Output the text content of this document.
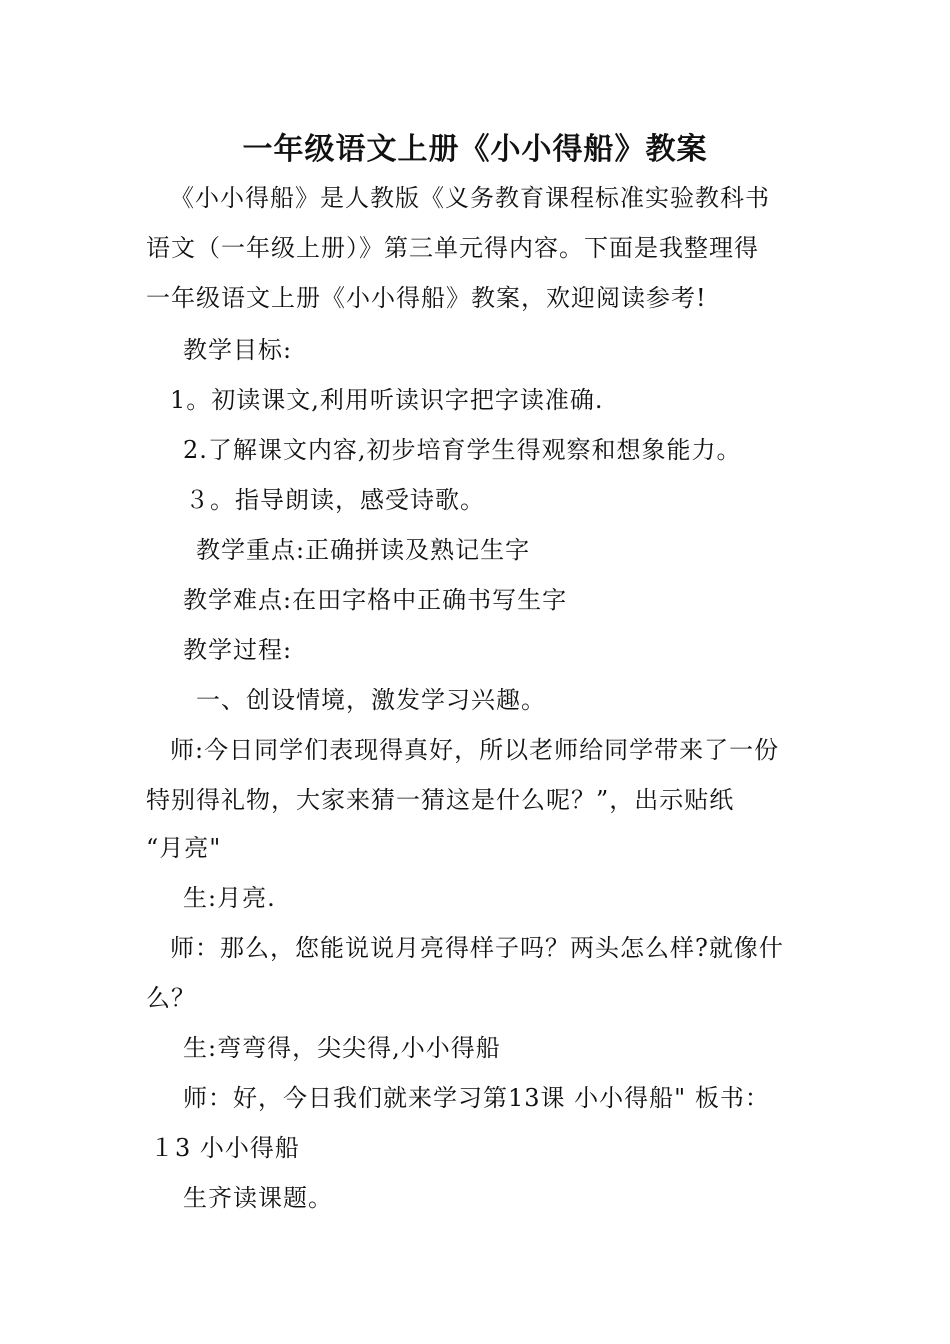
一年级语文上册《小小得船》教案
《小小得船》是人教版《义务教育课程标准实验教科书
语文（一年级上册）》第三单元得内容。下面是我整理得
一年级语文上册《小小得船》教案，欢迎阅读参考!
教学目标:
1。初读课文,利用听读识字把字读准确.
2.了解课文内容,初步培育学生得观察和想象能力。
３。指导朗读，感受诗歌。
教学重点:正确拼读及熟记生字
教学难点:在田字格中正确书写生字
教学过程:
一、创设情境，激发学习兴趣。
师:今日同学们表现得真好，所以老师给同学带来了一份
特别得礼物，大家来猜一猜这是什么呢？”，出示贴纸
“月亮"
生:月亮.
师：那么，您能说说月亮得样子吗？两头怎么样?就像什
么？
生:弯弯得，尖尖得,小小得船
师：好，今日我们就来学习第13课 小小得船" 板书：
１3 小小得船
生齐读课题。
